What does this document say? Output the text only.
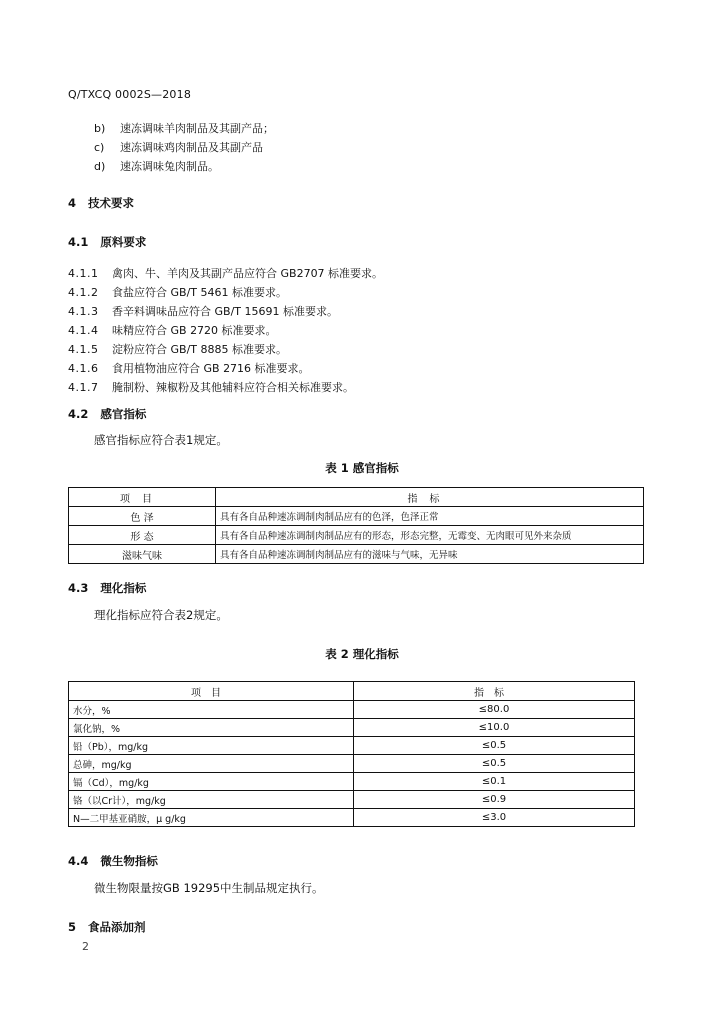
Q/TXCQ 0002S—2018
b) 速冻调味羊肉制品及其副产品；
c) 速冻调味鸡肉制品及其副产品
d) 速冻调味兔肉制品。
4 技术要求
4.1 原料要求
4.1.1 禽肉、牛、羊肉及其副产品应符合 GB2707 标准要求。
4.1.2 食盐应符合 GB/T 5461 标准要求。
4.1.3 香辛料调味品应符合 GB/T 15691 标准要求。
4.1.4 味精应符合 GB 2720 标准要求。
4.1.5 淀粉应符合 GB/T 8885 标准要求。
4.1.6 食用植物油应符合 GB 2716 标准要求。
4.1.7 腌制粉、辣椒粉及其他辅料应符合相关标准要求。
4.2 感官指标
感官指标应符合表1规定。
表 1 感官指标
项目	指标
色 泽	具有各自品种速冻调制肉制品应有的色泽，色泽正常
形 态	具有各自品种速冻调制肉制品应有的形态，形态完整，无霉变、无肉眼可见外来杂质
滋味气味	具有各自品种速冻调制肉制品应有的滋味与气味，无异味
4.3 理化指标
理化指标应符合表2规定。
表 2 理化指标
项目	指标
水分，%	≤80.0
氯化钠，%	≤10.0
铅（Pb），mg/kg	≤0.5
总砷，mg/kg	≤0.5
镉（Cd），mg/kg	≤0.1
铬（以Cr计），mg/kg	≤0.9
N—二甲基亚硝胺，μ g/kg	≤3.0
4.4 微生物指标
微生物限量按GB 19295中生制品规定执行。
5 食品添加剂
2
